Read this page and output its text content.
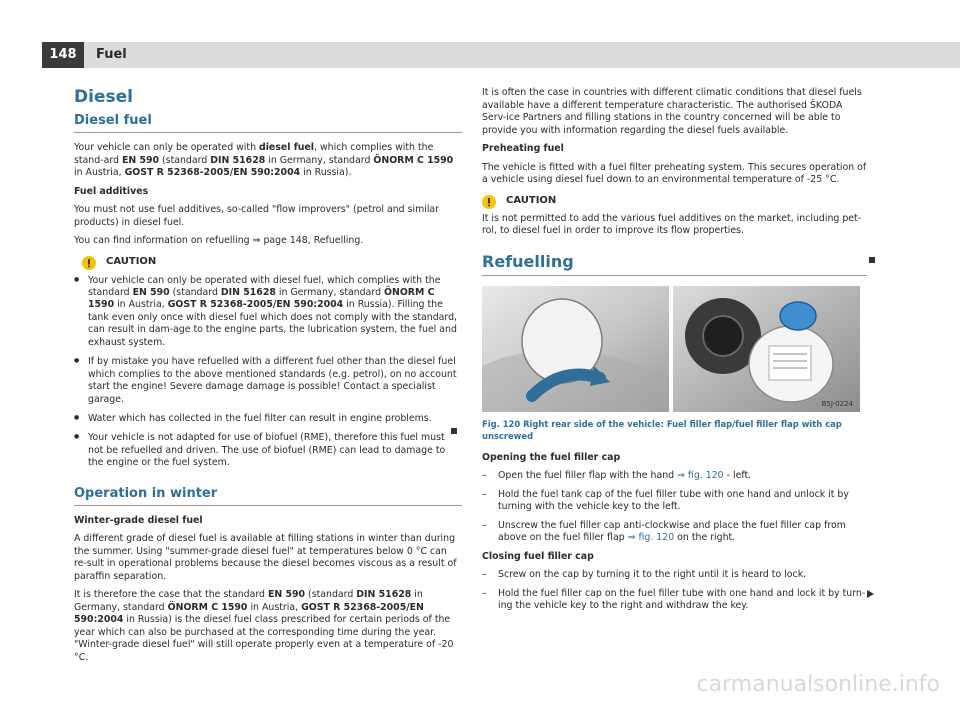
148	Fuel
Diesel
Diesel fuel

Your vehicle can only be operated with diesel fuel, which complies with the stand-ard EN 590 (standard DIN 51628 in Germany, standard ÖNORM C 1590 in Austria, GOST R 52368-2005/EN 590:2004 in Russia).

Fuel additives

You must not use fuel additives, so-called "flow improvers" (petrol and similar products) in diesel fuel.

You can find information on refuelling ⇒ page 148, Refuelling.

CAUTION

● Your vehicle can only be operated with diesel fuel, which complies with the standard EN 590 (standard DIN 51628 in Germany, standard ÖNORM C 1590 in Austria, GOST R 52368-2005/EN 590:2004 in Russia). Filling the tank even only once with diesel fuel which does not comply with the standard, can result in dam-age to the engine parts, the lubrication system, the fuel and exhaust system.

● If by mistake you have refuelled with a different fuel other than the diesel fuel which complies to the above mentioned standards (e.g. petrol), on no account start the engine! Severe damage damage is possible! Contact a specialist garage.

● Water which has collected in the fuel filter can result in engine problems.

● Your vehicle is not adapted for use of biofuel (RME), therefore this fuel must not be refuelled and driven. The use of biofuel (RME) can lead to damage to the engine or the fuel system.

Operation in winter

Winter-grade diesel fuel

A different grade of diesel fuel is available at filling stations in winter than during the summer. Using "summer-grade diesel fuel" at temperatures below 0 °C can re-sult in operational problems because the diesel becomes viscous as a result of paraffin separation.

It is therefore the case that the standard EN 590 (standard DIN 51628 in Germany, standard ÖNORM C 1590 in Austria, GOST R 52368-2005/EN 590:2004 in Russia) is the diesel fuel class prescribed for certain periods of the year which can also be purchased at the corresponding time during the year. "Winter-grade diesel fuel" will still operate properly even at a temperature of -20 °C.

It is often the case in countries with different climatic conditions that diesel fuels available have a different temperature characteristic. The authorised ŠKODA Serv-ice Partners and filling stations in the country concerned will be able to provide you with information regarding the diesel fuels available.

Preheating fuel

The vehicle is fitted with a fuel filter preheating system. This secures operation of a vehicle using diesel fuel down to an environmental temperature of -25 °C.

CAUTION

It is not permitted to add the various fuel additives on the market, including pet-rol, to diesel fuel in order to improve its flow properties.

Refuelling
B5J-0224
Fig. 120 Right rear side of the vehicle: Fuel filler flap/fuel filler flap with cap unscrewed

Opening the fuel filler cap

– Open the fuel filler flap with the hand ⇒ fig. 120 - left.

– Hold the fuel tank cap of the fuel filler tube with one hand and unlock it by turning with the vehicle key to the left.

– Unscrew the fuel filler cap anti-clockwise and place the fuel filler cap from above on the fuel filler flap ⇒ fig. 120 on the right.

Closing fuel filler cap

– Screw on the cap by turning it to the right until it is heard to lock.

– Hold the fuel filler cap on the fuel filler tube with one hand and lock it by turn-ing the vehicle key to the right and withdraw the key.

carmanualsonline.info
